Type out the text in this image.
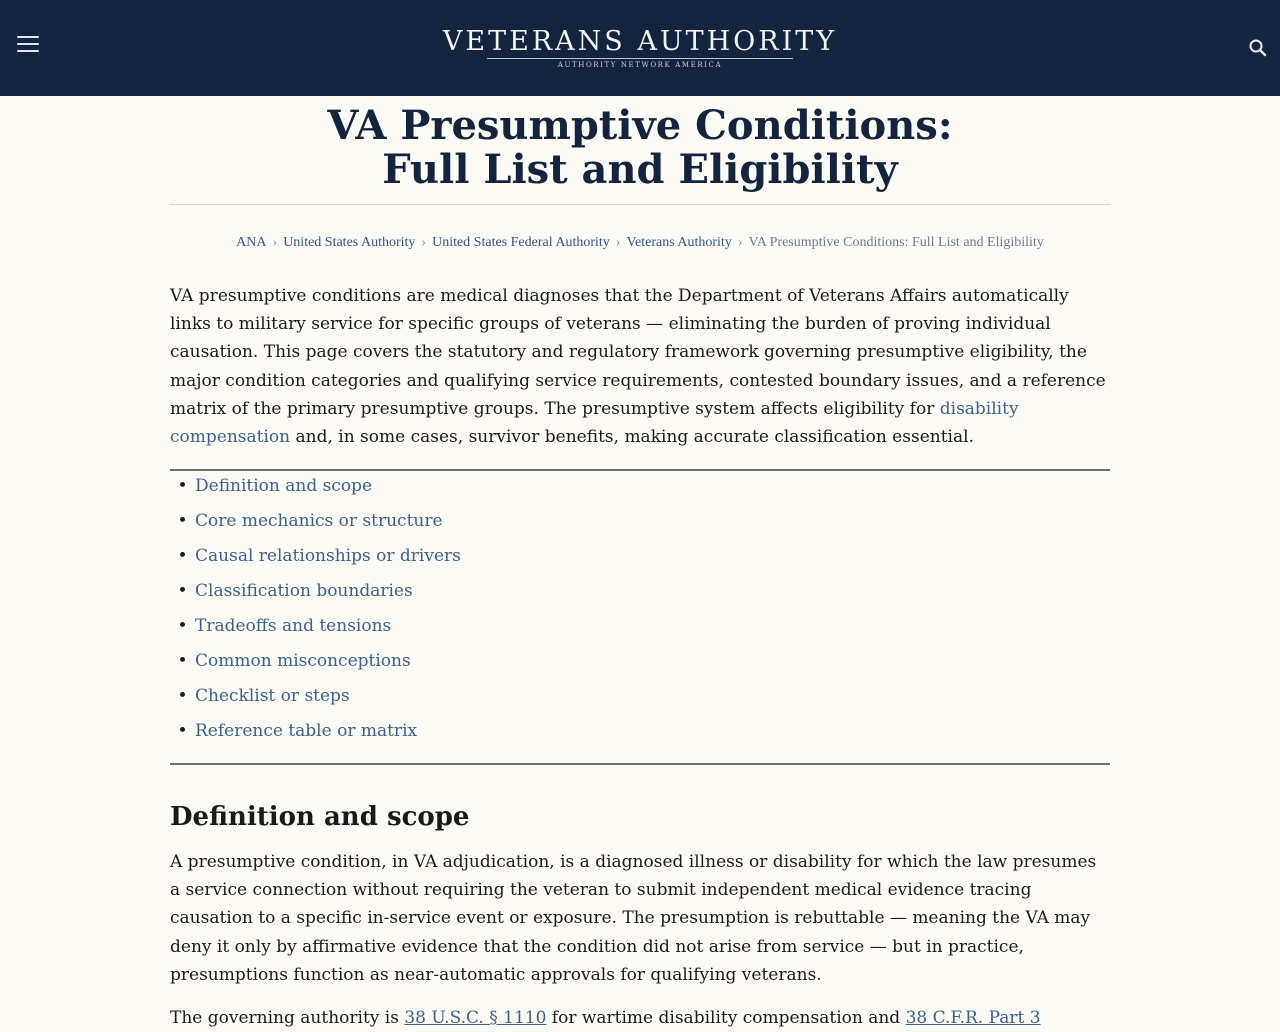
VETERANS AUTHORITY
AUTHORITY NETWORK AMERICA
VA Presumptive Conditions:
Full List and Eligibility
ANA › United States Authority › United States Federal Authority › Veterans Authority › VA Presumptive Conditions: Full List and Eligibility

VA presumptive conditions are medical diagnoses that the Department of Veterans Affairs automatically links to military service for specific groups of veterans — eliminating the burden of proving individual causation. This page covers the statutory and regulatory framework governing presumptive eligibility, the major condition categories and qualifying service requirements, contested boundary issues, and a reference matrix of the primary presumptive groups. The presumptive system affects eligibility for disability compensation and, in some cases, survivor benefits, making accurate classification essential.

• Definition and scope
• Core mechanics or structure
• Causal relationships or drivers
• Classification boundaries
• Tradeoffs and tensions
• Common misconceptions
• Checklist or steps
• Reference table or matrix
Definition and scope

A presumptive condition, in VA adjudication, is a diagnosed illness or disability for which the law presumes a service connection without requiring the veteran to submit independent medical evidence tracing causation to a specific in-service event or exposure. The presumption is rebuttable — meaning the VA may deny it only by affirmative evidence that the condition did not arise from service — but in practice, presumptions function as near-automatic approvals for qualifying veterans.

The governing authority is 38 U.S.C. § 1110 for wartime disability compensation and 38 C.F.R. Part 3
